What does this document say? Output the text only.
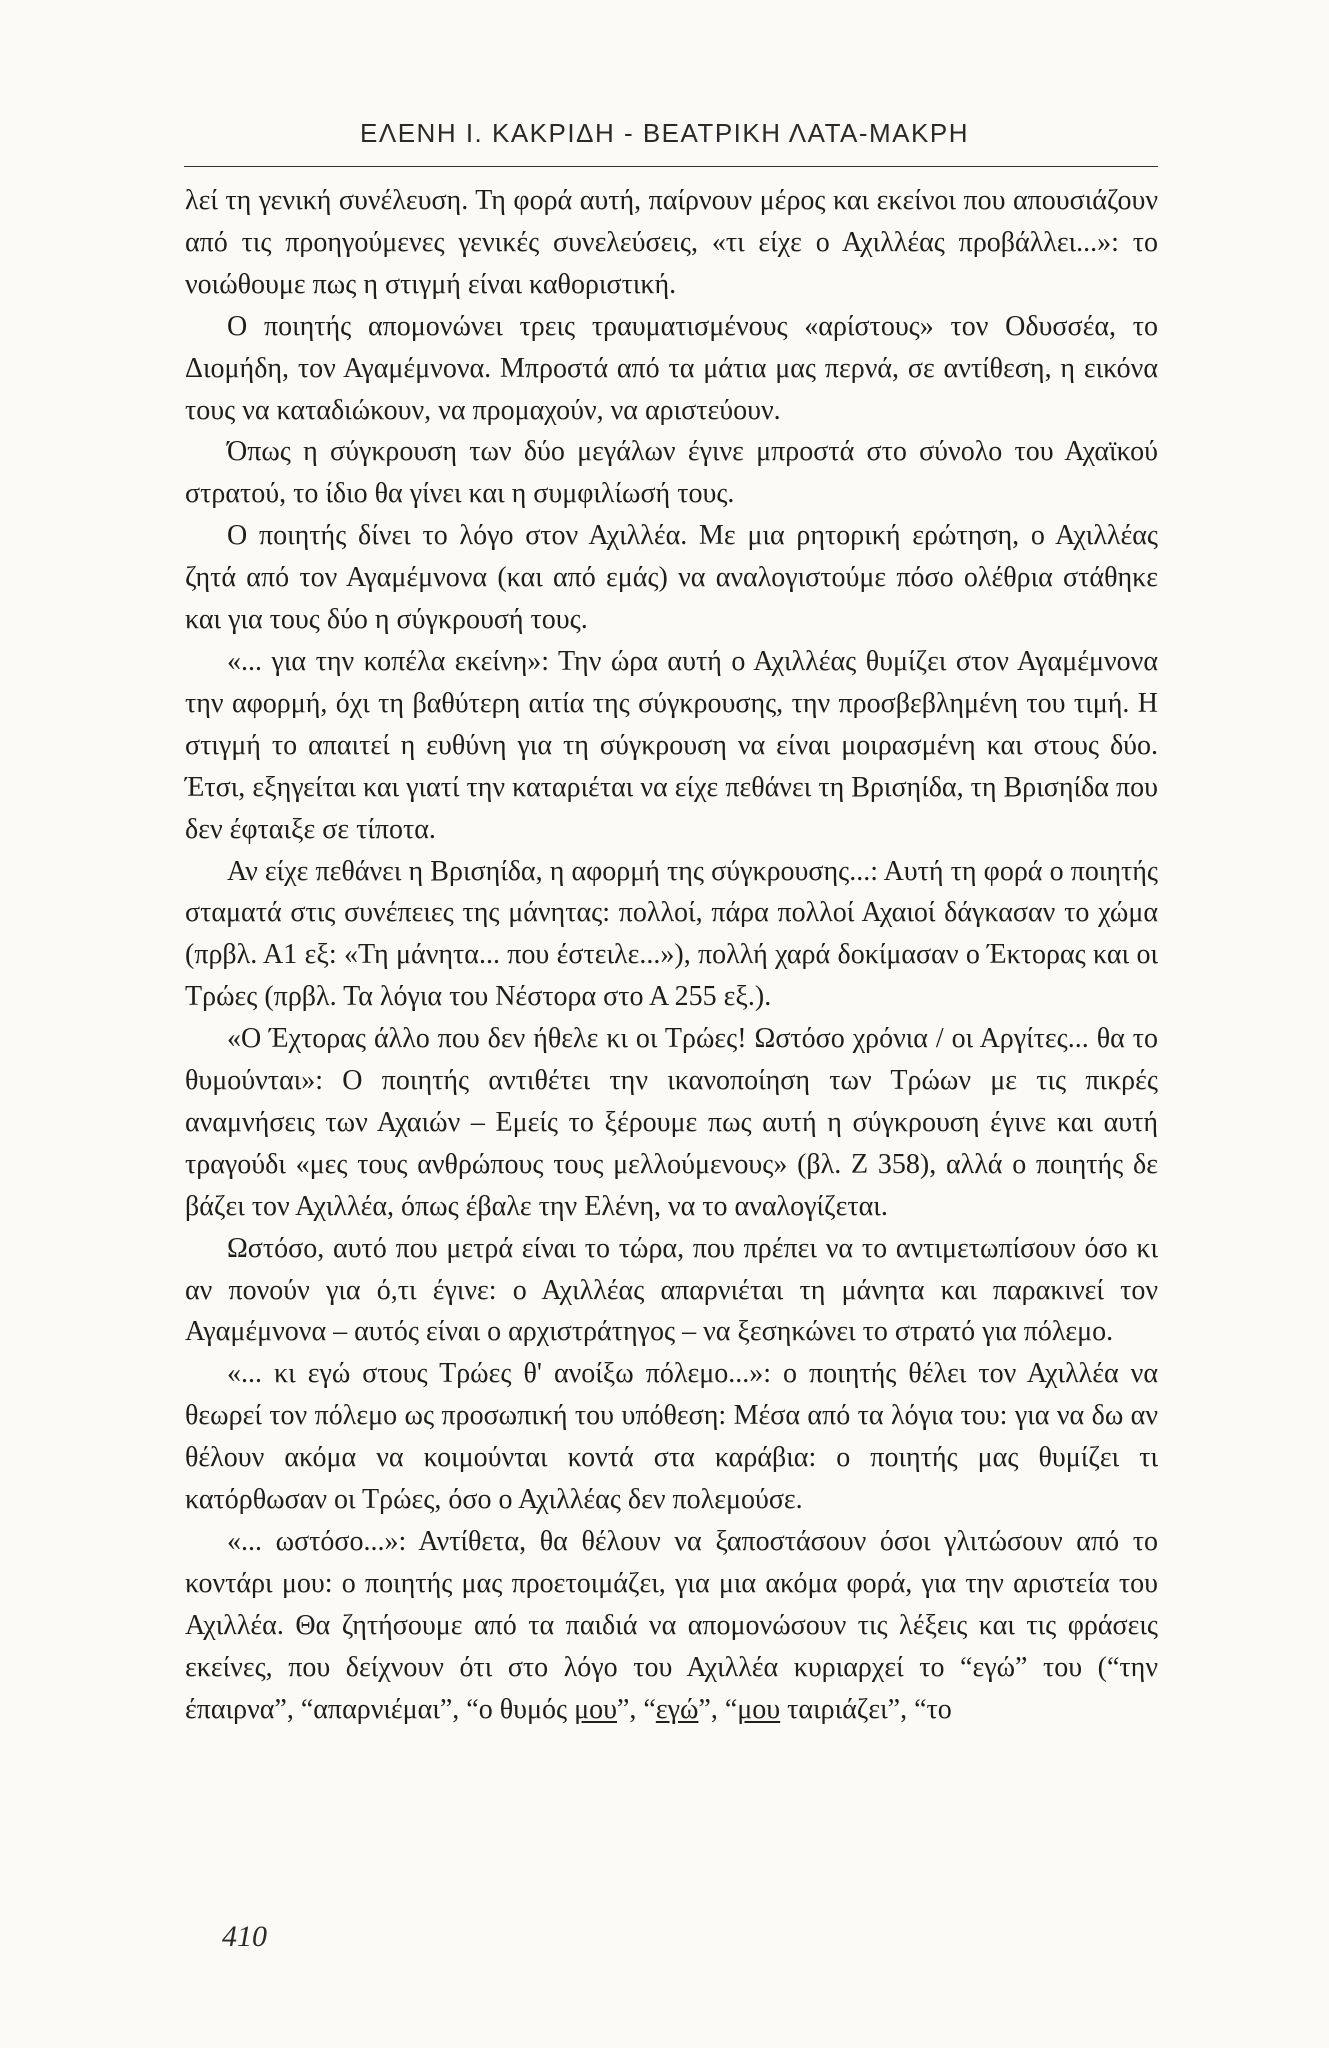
ΕΛΕΝΗ Ι. ΚΑΚΡΙΔΗ - ΒΕΑΤΡΙΚΗ ΛΑΤΑ-ΜΑΚΡΗ

λεί τη γενική συνέλευση. Τη φορά αυτή, παίρνουν μέρος και εκείνοι που απουσιάζουν από τις προηγούμενες γενικές συνελεύσεις, «τι είχε ο Αχιλλέας προβάλλει...»: το νοιώθουμε πως η στιγμή είναι καθοριστική.

Ο ποιητής απομονώνει τρεις τραυματισμένους «αρίστους» τον Οδυσσέα, το Διομήδη, τον Αγαμέμνονα. Μπροστά από τα μάτια μας περνά, σε αντίθεση, η εικόνα τους να καταδιώκουν, να προμαχούν, να αριστεύουν.

Όπως η σύγκρουση των δύο μεγάλων έγινε μπροστά στο σύνολο του Αχαϊκού στρατού, το ίδιο θα γίνει και η συμφιλίωσή τους.

Ο ποιητής δίνει το λόγο στον Αχιλλέα. Με μια ρητορική ερώτηση, ο Αχιλλέας ζητά από τον Αγαμέμνονα (και από εμάς) να αναλογιστούμε πόσο ολέθρια στάθηκε και για τους δύο η σύγκρουσή τους.

«... για την κοπέλα εκείνη»: Την ώρα αυτή ο Αχιλλέας θυμίζει στον Αγαμέμνονα την αφορμή, όχι τη βαθύτερη αιτία της σύγκρουσης, την προσβεβλημένη του τιμή. Η στιγμή το απαιτεί η ευθύνη για τη σύγκρουση να είναι μοιρασμένη και στους δύο. Έτσι, εξηγείται και γιατί την καταριέται να είχε πεθάνει τη Βρισηίδα, τη Βρισηίδα που δεν έφταιξε σε τίποτα.

Αν είχε πεθάνει η Βρισηίδα, η αφορμή της σύγκρουσης...: Αυτή τη φορά ο ποιητής σταματά στις συνέπειες της μάνητας: πολλοί, πάρα πολλοί Αχαιοί δάγκασαν το χώμα (πρβλ. Α1 εξ: «Τη μάνητα... που έστειλε...»), πολλή χαρά δοκίμασαν ο Έκτορας και οι Τρώες (πρβλ. Τα λόγια του Νέστορα στο Α 255 εξ.).

«Ο Έχτορας άλλο που δεν ήθελε κι οι Τρώες! Ωστόσο χρόνια / οι Αργίτες... θα το θυμούνται»: Ο ποιητής αντιθέτει την ικανοποίηση των Τρώων με τις πικρές αναμνήσεις των Αχαιών – Εμείς το ξέρουμε πως αυτή η σύγκρουση έγινε και αυτή τραγούδι «μες τους ανθρώπους τους μελλούμενους» (βλ. Ζ 358), αλλά ο ποιητής δε βάζει τον Αχιλλέα, όπως έβαλε την Ελένη, να το αναλογίζεται.

Ωστόσο, αυτό που μετρά είναι το τώρα, που πρέπει να το αντιμετωπίσουν όσο κι αν πονούν για ό,τι έγινε: ο Αχιλλέας απαρνιέται τη μάνητα και παρακινεί τον Αγαμέμνονα – αυτός είναι ο αρχιστράτηγος – να ξεσηκώνει το στρατό για πόλεμο.

«... κι εγώ στους Τρώες θ' ανοίξω πόλεμο...»: ο ποιητής θέλει τον Αχιλλέα να θεωρεί τον πόλεμο ως προσωπική του υπόθεση: Μέσα από τα λόγια του: για να δω αν θέλουν ακόμα να κοιμούνται κοντά στα καράβια: ο ποιητής μας θυμίζει τι κατόρθωσαν οι Τρώες, όσο ο Αχιλλέας δεν πολεμούσε.

«... ωστόσο...»: Αντίθετα, θα θέλουν να ξαποστάσουν όσοι γλιτώσουν από το κοντάρι μου: ο ποιητής μας προετοιμάζει, για μια ακόμα φορά, για την αριστεία του Αχιλλέα. Θα ζητήσουμε από τα παιδιά να απομονώσουν τις λέξεις και τις φράσεις εκείνες, που δείχνουν ότι στο λόγο του Αχιλλέα κυριαρχεί το “εγώ” του (“την έπαιρνα”, “απαρνιέμαι”, “ο θυμός μου”, “εγώ”, “μου ταιριάζει”, “το

410
